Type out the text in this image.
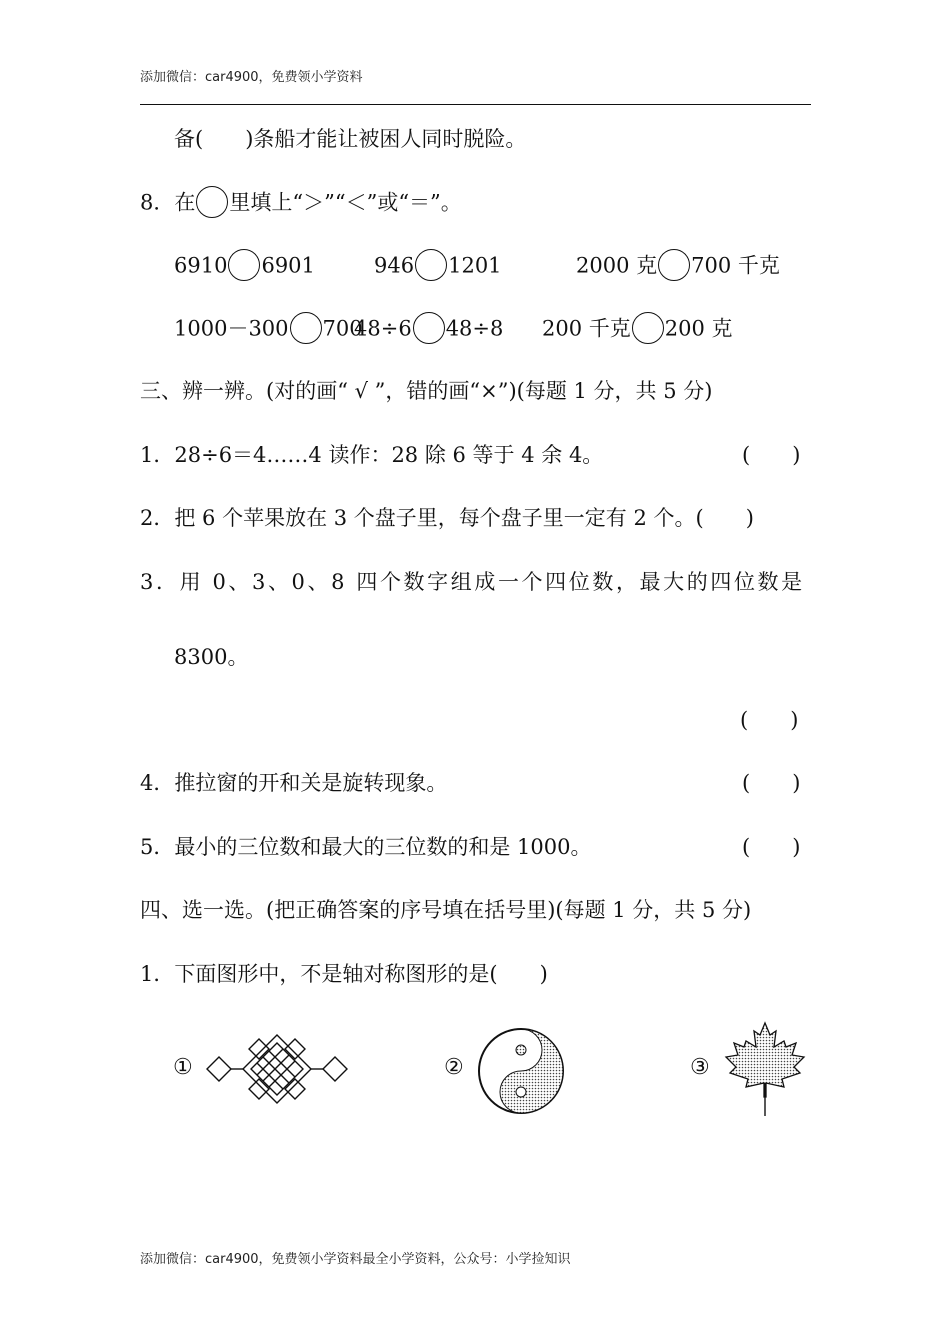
添加微信：car4900，免费领小学资料
备(　　)条船才能让被困人同时脱险。
8．在 里填上“＞”“＜”或“＝”。
6910 6901	946 1201	2000 克 700 千克
1000－300 700
48÷6 48÷8 200 千克 200 克
三、辨一辨。(对的画“ √ ”，错的画“×”)(每题 1 分，共 5 分)
1．28÷6＝4……4 读作：28 除 6 等于 4 余 4。	(　　)
2．把 6 个苹果放在 3 个盘子里，每个盘子里一定有 2 个。(　　)
3．用 0、3、0、8 四个数字组成一个四位数，最大的四位数是
8300。
(　　)
4．推拉窗的开和关是旋转现象。	(　　)
5．最小的三位数和最大的三位数的和是 1000。	(　　)
四、选一选。(把正确答案的序号填在括号里)(每题 1 分，共 5 分)
1．下面图形中，不是轴对称图形的是(　　)
①	②	③
添加微信：car4900，免费领小学资料最全小学资料，公众号：小学捡知识
